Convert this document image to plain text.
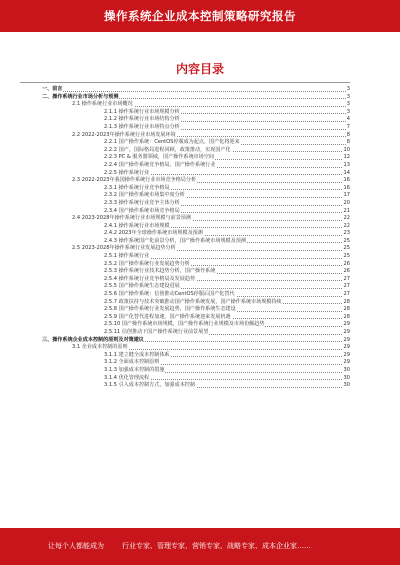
操作系统企业成本控制策略研究报告
内容目录
一、前言	3
二、操作系统行业市场分析与预测	3
2.1 操作系统行业市场概况	3
2.1.1 操作系统行业市场规模分析	3
2.1.2 操作系统行业市场结构分析	4
2.1.3 操作系统行业市场特点分析	7
2.2 2022-2023年操作系统行业市场发展环境	8
2.2.1 国产操作系统：CentOS停服成为起点，国产化将迎来	8
2.2.2 国产、国际格局进程回顾，政策推动，实现国产化	10
2.2.3 PC & 服务器领域，国产操作系统市场空间	12
2.2.4 国产操作系统竞争格局，国产操作系统行业	13
2.2.5 操作系统行业	14
2.3 2022-2023年我国操作系统行业市场竞争格局分析	16
2.3.1 操作系统行业竞争格局	16
2.3.2 国产操作系统市场集中度分析	17
2.3.3 操作系统行业竞争主体分析	20
2.3.4 国产操作系统市场竞争格局	21
2.4 2023-2028年操作系统行业市场规模与前景预测	22
2.4.1 操作系统行业市场规模	22
2.4.2 2023年全球操作系统市场规模及预测	23
2.4.3 操作系统国产化前景分析，国产操作系统市场规模及预测	25
2.5 2023-2028年操作系统行业发展趋势分析	25
2.5.1 操作系统行业	25
2.5.2 国产操作系统行业发展趋势分析	26
2.5.3 操作系统行业技术趋势分析，国产操作系统	26
2.5.4 操作系统行业竞争格局及发展趋势	27
2.5.5 国产操作系统生态建设进展	27
2.5.6 国产操作系统：信创推动CentOS停服后国产化替代	27
2.5.7 政策扶持与技术突破推动国产操作系统发展，国产操作系统市场规模持续	28
2.5.8 国产操作系统行业发展趋势，国产操作系统生态建设	28
2.5.9 国产化替代进程加速，国产操作系统迎来发展机遇	28
2.5.10 国产操作系统市场规模，国产操作系统行业规模及市场份额趋势	29
2.5.11 信创推动下国产操作系统行业前景展望	29
三、操作系统企业成本控制的原则及对策建议	29
3.1 企业成本控制的原则	29
3.1.1 建立健全成本控制体系	29
3.1.2 全面成本控制原则	29
3.1.3 加强成本控制的措施	30
3.1.4 优化管理流程	30
3.1.5 引入成本控制方式，加强成本控制	30
让每个人都能成为	行业专家、管理专家、营销专家、战略专家、成本企业家……
